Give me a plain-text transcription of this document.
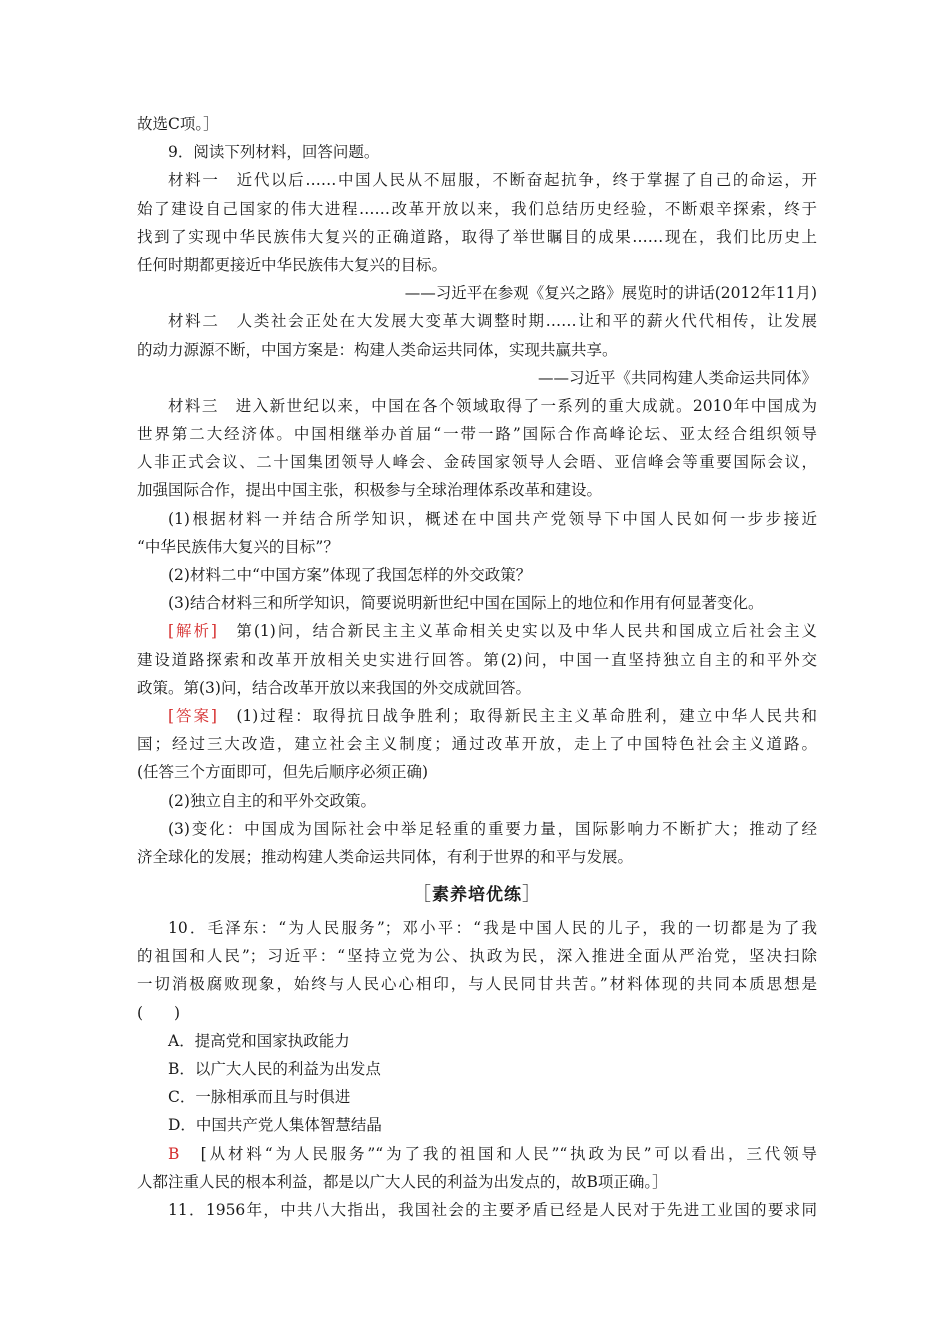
故选C项。］
9．阅读下列材料，回答问题。
材料一　近代以后……中国人民从不屈服，不断奋起抗争，终于掌握了自己的命运，开
始了建设自己国家的伟大进程……改革开放以来，我们总结历史经验，不断艰辛探索，终于
找到了实现中华民族伟大复兴的正确道路，取得了举世瞩目的成果……现在，我们比历史上
任何时期都更接近中华民族伟大复兴的目标。
——习近平在参观《复兴之路》展览时的讲话(2012年11月)
材料二　人类社会正处在大发展大变革大调整时期……让和平的薪火代代相传，让发展
的动力源源不断，中国方案是：构建人类命运共同体，实现共赢共享。
——习近平《共同构建人类命运共同体》
材料三　进入新世纪以来，中国在各个领域取得了一系列的重大成就。2010年中国成为
世界第二大经济体。中国相继举办首届“一带一路”国际合作高峰论坛、亚太经合组织领导
人非正式会议、二十国集团领导人峰会、金砖国家领导人会晤、亚信峰会等重要国际会议，
加强国际合作，提出中国主张，积极参与全球治理体系改革和建设。
(1)根据材料一并结合所学知识，概述在中国共产党领导下中国人民如何一步步接近
“中华民族伟大复兴的目标”？
(2)材料二中“中国方案”体现了我国怎样的外交政策？
(3)结合材料三和所学知识，简要说明新世纪中国在国际上的地位和作用有何显著变化。
[解析]　第(1)问，结合新民主主义革命相关史实以及中华人民共和国成立后社会主义
建设道路探索和改革开放相关史实进行回答。第(2)问，中国一直坚持独立自主的和平外交
政策。第(3)问，结合改革开放以来我国的外交成就回答。
[答案]　(1)过程：取得抗日战争胜利；取得新民主主义革命胜利，建立中华人民共和
国；经过三大改造，建立社会主义制度；通过改革开放，走上了中国特色社会主义道路。
(任答三个方面即可，但先后顺序必须正确)
(2)独立自主的和平外交政策。
(3)变化：中国成为国际社会中举足轻重的重要力量，国际影响力不断扩大；推动了经
济全球化的发展；推动构建人类命运共同体，有利于世界的和平与发展。
［素养培优练］
10．毛泽东：“为人民服务”；邓小平：“我是中国人民的儿子，我的一切都是为了我
的祖国和人民”；习近平：“坚持立党为公、执政为民，深入推进全面从严治党，坚决扫除
一切消极腐败现象，始终与人民心心相印，与人民同甘共苦。”材料体现的共同本质思想是
(　　)
A．提高党和国家执政能力
B．以广大人民的利益为出发点
C．一脉相承而且与时俱进
D．中国共产党人集体智慧结晶
B　[从材料“为人民服务”“为了我的祖国和人民”“执政为民”可以看出，三代领导
人都注重人民的根本利益，都是以广大人民的利益为出发点的，故B项正确。］
11．1956年，中共八大指出，我国社会的主要矛盾已经是人民对于先进工业国的要求同
